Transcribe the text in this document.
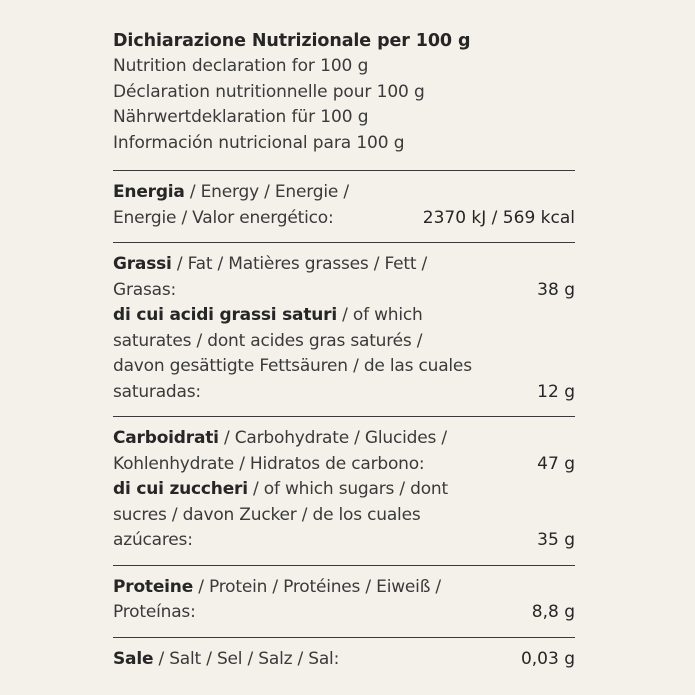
Dichiarazione Nutrizionale per 100 g
Nutrition declaration for 100 g
Déclaration nutritionnelle pour 100 g
Nährwertdeklaration für 100 g
Información nutricional para 100 g
Energia / Energy / Energie / Energie / Valor energético:	2370 kJ / 569 kcal
Grassi / Fat / Matières grasses / Fett / Grasas:	38 g
di cui acidi grassi saturi / of which saturates / dont acides gras saturés / davon gesättigte Fettsäuren / de las cuales saturadas:	12 g
Carboidrati / Carbohydrate / Glucides / Kohlenhydrate / Hidratos de carbono:	47 g
di cui zuccheri / of which sugars / dont sucres / davon Zucker / de los cuales azúcares:	35 g
Proteine / Protein / Protéines / Eiweiß / Proteínas:	8,8 g
Sale / Salt / Sel / Salz / Sal:	0,03 g
